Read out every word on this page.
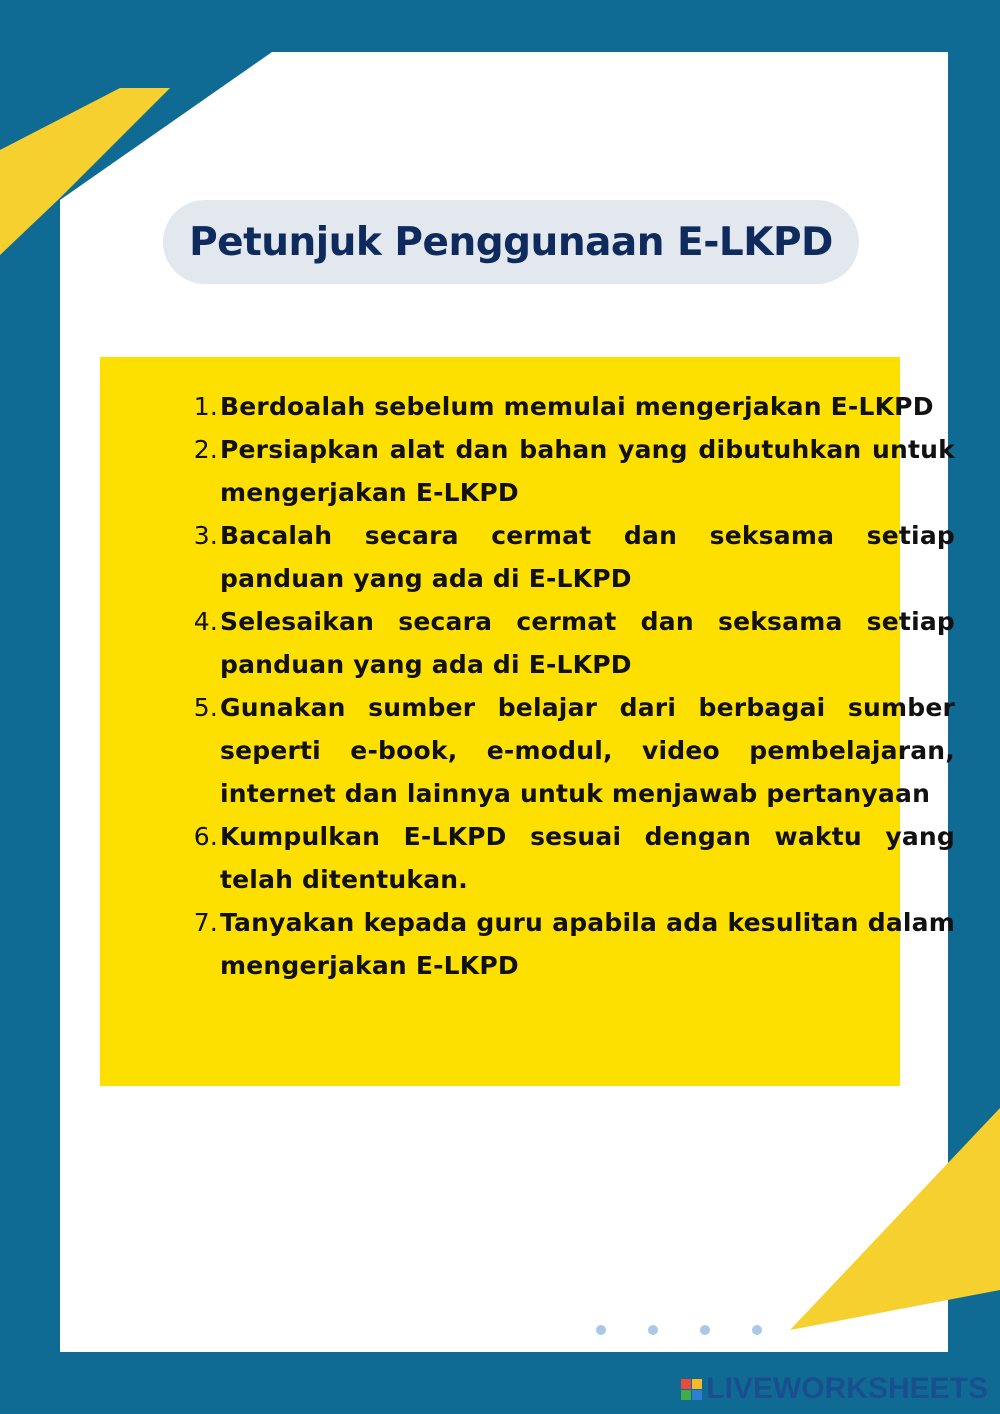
Petunjuk Penggunaan E-LKPD
1. Berdoalah sebelum memulai mengerjakan E-LKPD
2. Persiapkan alat dan bahan yang dibutuhkan untuk mengerjakan E-LKPD
3. Bacalah secara cermat dan seksama setiap panduan yang ada di E-LKPD
4. Selesaikan secara cermat dan seksama setiap panduan yang ada di E-LKPD
5. Gunakan sumber belajar dari berbagai sumber seperti e-book, e-modul, video pembelajaran, internet dan lainnya untuk menjawab pertanyaan
6. Kumpulkan E-LKPD sesuai dengan waktu yang telah ditentukan.
7. Tanyakan kepada guru apabila ada kesulitan dalam mengerjakan E-LKPD
LIVEWORKSHEETS
